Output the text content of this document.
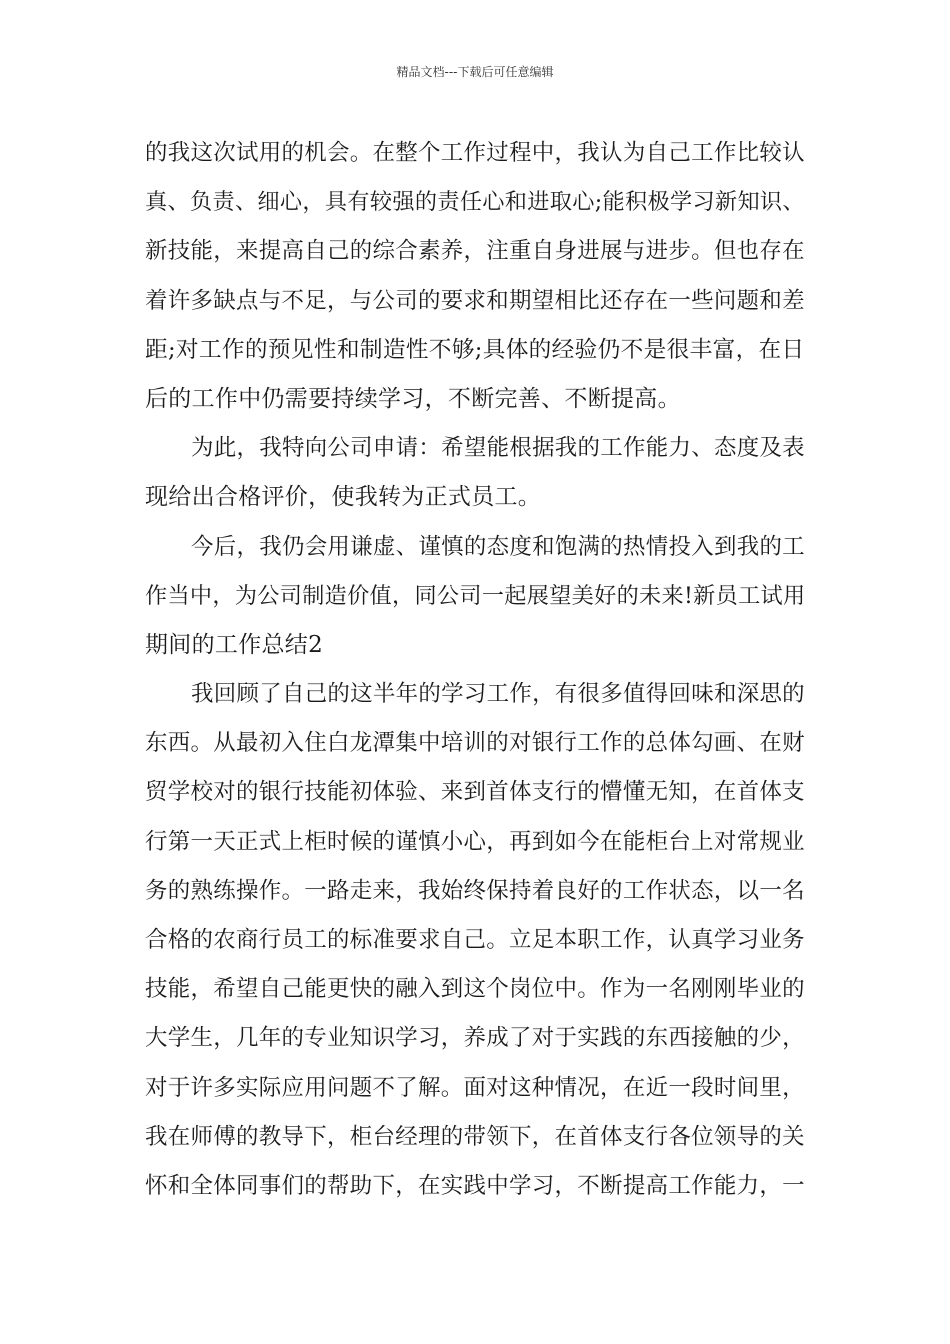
精品文档---下载后可任意编辑
的我这次试用的机会。在整个工作过程中，我认为自己工作比较认
真、负责、细心，具有较强的责任心和进取心;能积极学习新知识、
新技能，来提高自己的综合素养，注重自身进展与进步。但也存在
着许多缺点与不足，与公司的要求和期望相比还存在一些问题和差
距;对工作的预见性和制造性不够;具体的经验仍不是很丰富，在日
后的工作中仍需要持续学习，不断完善、不断提高。
为此，我特向公司申请：希望能根据我的工作能力、态度及表
现给出合格评价，使我转为正式员工。
今后，我仍会用谦虚、谨慎的态度和饱满的热情投入到我的工
作当中，为公司制造价值，同公司一起展望美好的未来!新员工试用
期间的工作总结2
我回顾了自己的这半年的学习工作，有很多值得回味和深思的
东西。从最初入住白龙潭集中培训的对银行工作的总体勾画、在财
贸学校对的银行技能初体验、来到首体支行的懵懂无知，在首体支
行第一天正式上柜时候的谨慎小心，再到如今在能柜台上对常规业
务的熟练操作。一路走来，我始终保持着良好的工作状态，以一名
合格的农商行员工的标准要求自己。立足本职工作，认真学习业务
技能，希望自己能更快的融入到这个岗位中。作为一名刚刚毕业的
大学生，几年的专业知识学习，养成了对于实践的东西接触的少，
对于许多实际应用问题不了解。面对这种情况，在近一段时间里，
我在师傅的教导下，柜台经理的带领下，在首体支行各位领导的关
怀和全体同事们的帮助下，在实践中学习，不断提高工作能力，一
